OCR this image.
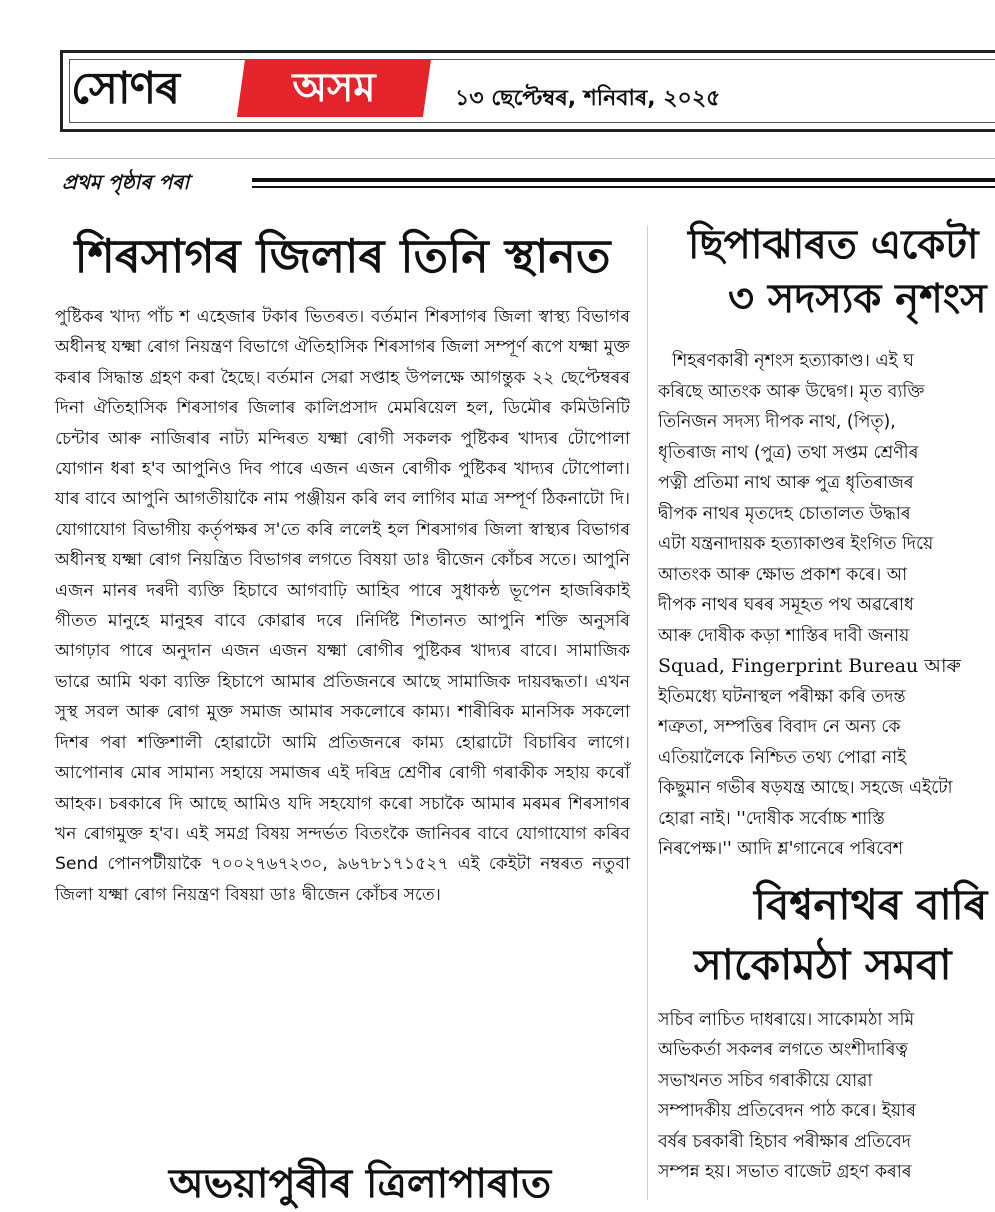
সোণৰ	অসম	১৩ ছেপ্টেম্বৰ, শনিবাৰ, ২০২৫
প্ৰথম পৃষ্ঠাৰ পৰা
শিৰসাগৰ জিলাৰ তিনি স্থানত

পুষ্টিকৰ খাদ্য পাঁচ শ এহেজাৰ টকাৰ ভিতৰত। বৰ্তমান শিৰসাগৰ জিলা স্বাস্থ্য বিভাগৰ অধীনস্থ যক্ষ্মা ৰোগ নিয়ন্ত্ৰণ বিভাগে ঐতিহাসিক শিৰসাগৰ জিলা সম্পূৰ্ণ ৰূপে যক্ষ্মা মুক্ত কৰাৰ সিদ্ধান্ত গ্ৰহণ কৰা হৈছে। বৰ্তমান সেৱা সপ্তাহ উপলক্ষে আগন্তুক ২২ ছেপ্টেম্বৰৰ দিনা ঐতিহাসিক শিৰসাগৰ জিলাৰ কালিপ্ৰসাদ মেমৰিয়েল হল, ডিমৌৰ কমিউনিটি চেন্টাৰ আৰু নাজিৰাৰ নাট্য মন্দিৰত যক্ষ্মা ৰোগী সকলক পুষ্টিকৰ খাদ্যৰ টোপোলা যোগান ধৰা হ'ব আপুনিও দিব পাৰে এজন এজন ৰোগীক পুষ্টিকৰ খাদ্যৰ টোপোলা। যাৰ বাবে আপুনি আগতীয়াকৈ নাম পঞ্জীয়ন কৰি লব লাগিব মাত্ৰ সম্পূৰ্ণ ঠিকনাটো দি। যোগাযোগ বিভাগীয় কৰ্তৃপক্ষৰ স'তে কৰি ললেই হল শিৰসাগৰ জিলা স্বাস্থ্যৰ বিভাগৰ অধীনস্থ যক্ষ্মা ৰোগ নিয়ন্ত্ৰিত বিভাগৰ লগতে বিষয়া ডাঃ দ্বীজেন কোঁচৰ সতে। আপুনি এজন মানৰ দৰদী ব্যক্তি হিচাবে আগবাঢ়ি আহিব পাৰে সুধাকন্ঠ ভূপেন হাজৰিকাই গীতত মানুহে মানুহৰ বাবে কোৱাৰ দৰে ।নিৰ্দিষ্ট শিতানত আপুনি শক্তি অনুসৰি আগঢ়াব পাৰে অনুদান এজন এজন যক্ষ্মা ৰোগীৰ পুষ্টিকৰ খাদ্যৰ বাবে। সামাজিক ভাৱে আমি থকা ব্যক্তি হিচাপে আমাৰ প্ৰতিজনৰে আছে সামাজিক দায়বদ্ধতা। এখন সুস্থ সবল আৰু ৰোগ মুক্ত সমাজ আমাৰ সকলোৰে কাম্য। শাৰীৰিক মানসিক সকলো দিশৰ পৰা শক্তিশালী হোৱাটো আমি প্ৰতিজনৰে কাম্য হোৱাটো বিচাৰিব লাগে। আপোনাৰ মোৰ সামান্য সহায়ে সমাজৰ এই দৰিদ্ৰ শ্ৰেণীৰ ৰোগী গৰাকীক সহায় কৰোঁ আহক। চৰকাৰে দি আছে আমিও যদি সহযোগ কৰো সচাকৈ আমাৰ মৰমৰ শিৰসাগৰ খন ৰোগমুক্ত হ'ব। এই সমগ্ৰ বিষয় সন্দৰ্ভত বিতংকৈ জানিবৰ বাবে যোগাযোগ কৰিব Send পোনপটীয়াকৈ ৭০০২৭৬৭২৩০, ৯৬৭৮১৭১৫২৭ এই কেইটা নম্বৰত নতুবা জিলা যক্ষ্মা ৰোগ নিয়ন্ত্ৰণ বিষয়া ডাঃ দ্বীজেন কোঁচৰ সতে।

অভয়াপুৰীৰ ত্ৰিলাপাৰাত
ছিপাঝাৰত একেটা
৩ সদস্যক নৃশংস

শিহৰণকাৰী নৃশংস হত্যাকাণ্ড। এই ঘ

কৰিছে আতংক আৰু উদ্বেগ। মৃত ব্যক্তি

তিনিজন সদস্য দীপক নাথ, (পিতৃ),

ধৃতিৰাজ নাথ (পুত্ৰ) তথা সপ্তম শ্ৰেণীৰ

পত্নী প্ৰতিমা নাথ আৰু পুত্ৰ ধৃতিৰাজৰ

দ্বীপক নাথৰ মৃতদেহ চোতালত উদ্ধাৰ

এটা যন্ত্ৰনাদায়ক হত্যাকাণ্ডৰ ইংগিত দিয়ে

আতংক আৰু ক্ষোভ প্ৰকাশ কৰে। আ

দীপক নাথৰ ঘৰৰ সমূহত পথ অৱৰোধ

আৰু দোষীক কড়া শাস্তিৰ দাবী জনায়

Squad, Fingerprint Bureau আৰু

ইতিমধ্যে ঘটনাস্থল পৰীক্ষা কৰি তদন্ত

শত্ৰুতা, সম্পত্তিৰ বিবাদ নে অন্য কে

এতিয়ালৈকে নিশ্চিত তথ্য পোৱা নাই

কিছুমান গভীৰ ষড়যন্ত্ৰ আছে। সহজে এইটো

হোৱা নাই। ''দোষীক সৰ্বোচ্চ শাস্তি

নিৰপেক্ষ।'' আদি শ্ল'গানেৰে পৰিবেশ

বিশ্বনাথৰ বাৰি
সাকোমঠা সমবা

সচিব লাচিত দাধৰায়ে। সাকোমঠা সমি

অভিকৰ্তা সকলৰ লগতে অংশীদাৰিত্ব

সভাখনত সচিব গৰাকীয়ে যোৱা

সম্পাদকীয় প্ৰতিবেদন পাঠ কৰে। ইয়াৰ

বৰ্ষৰ চৰকাৰী হিচাব পৰীক্ষাৰ প্ৰতিবেদ

সম্পন্ন হয়। সভাত বাজেট গ্ৰহণ কৰাৰ
